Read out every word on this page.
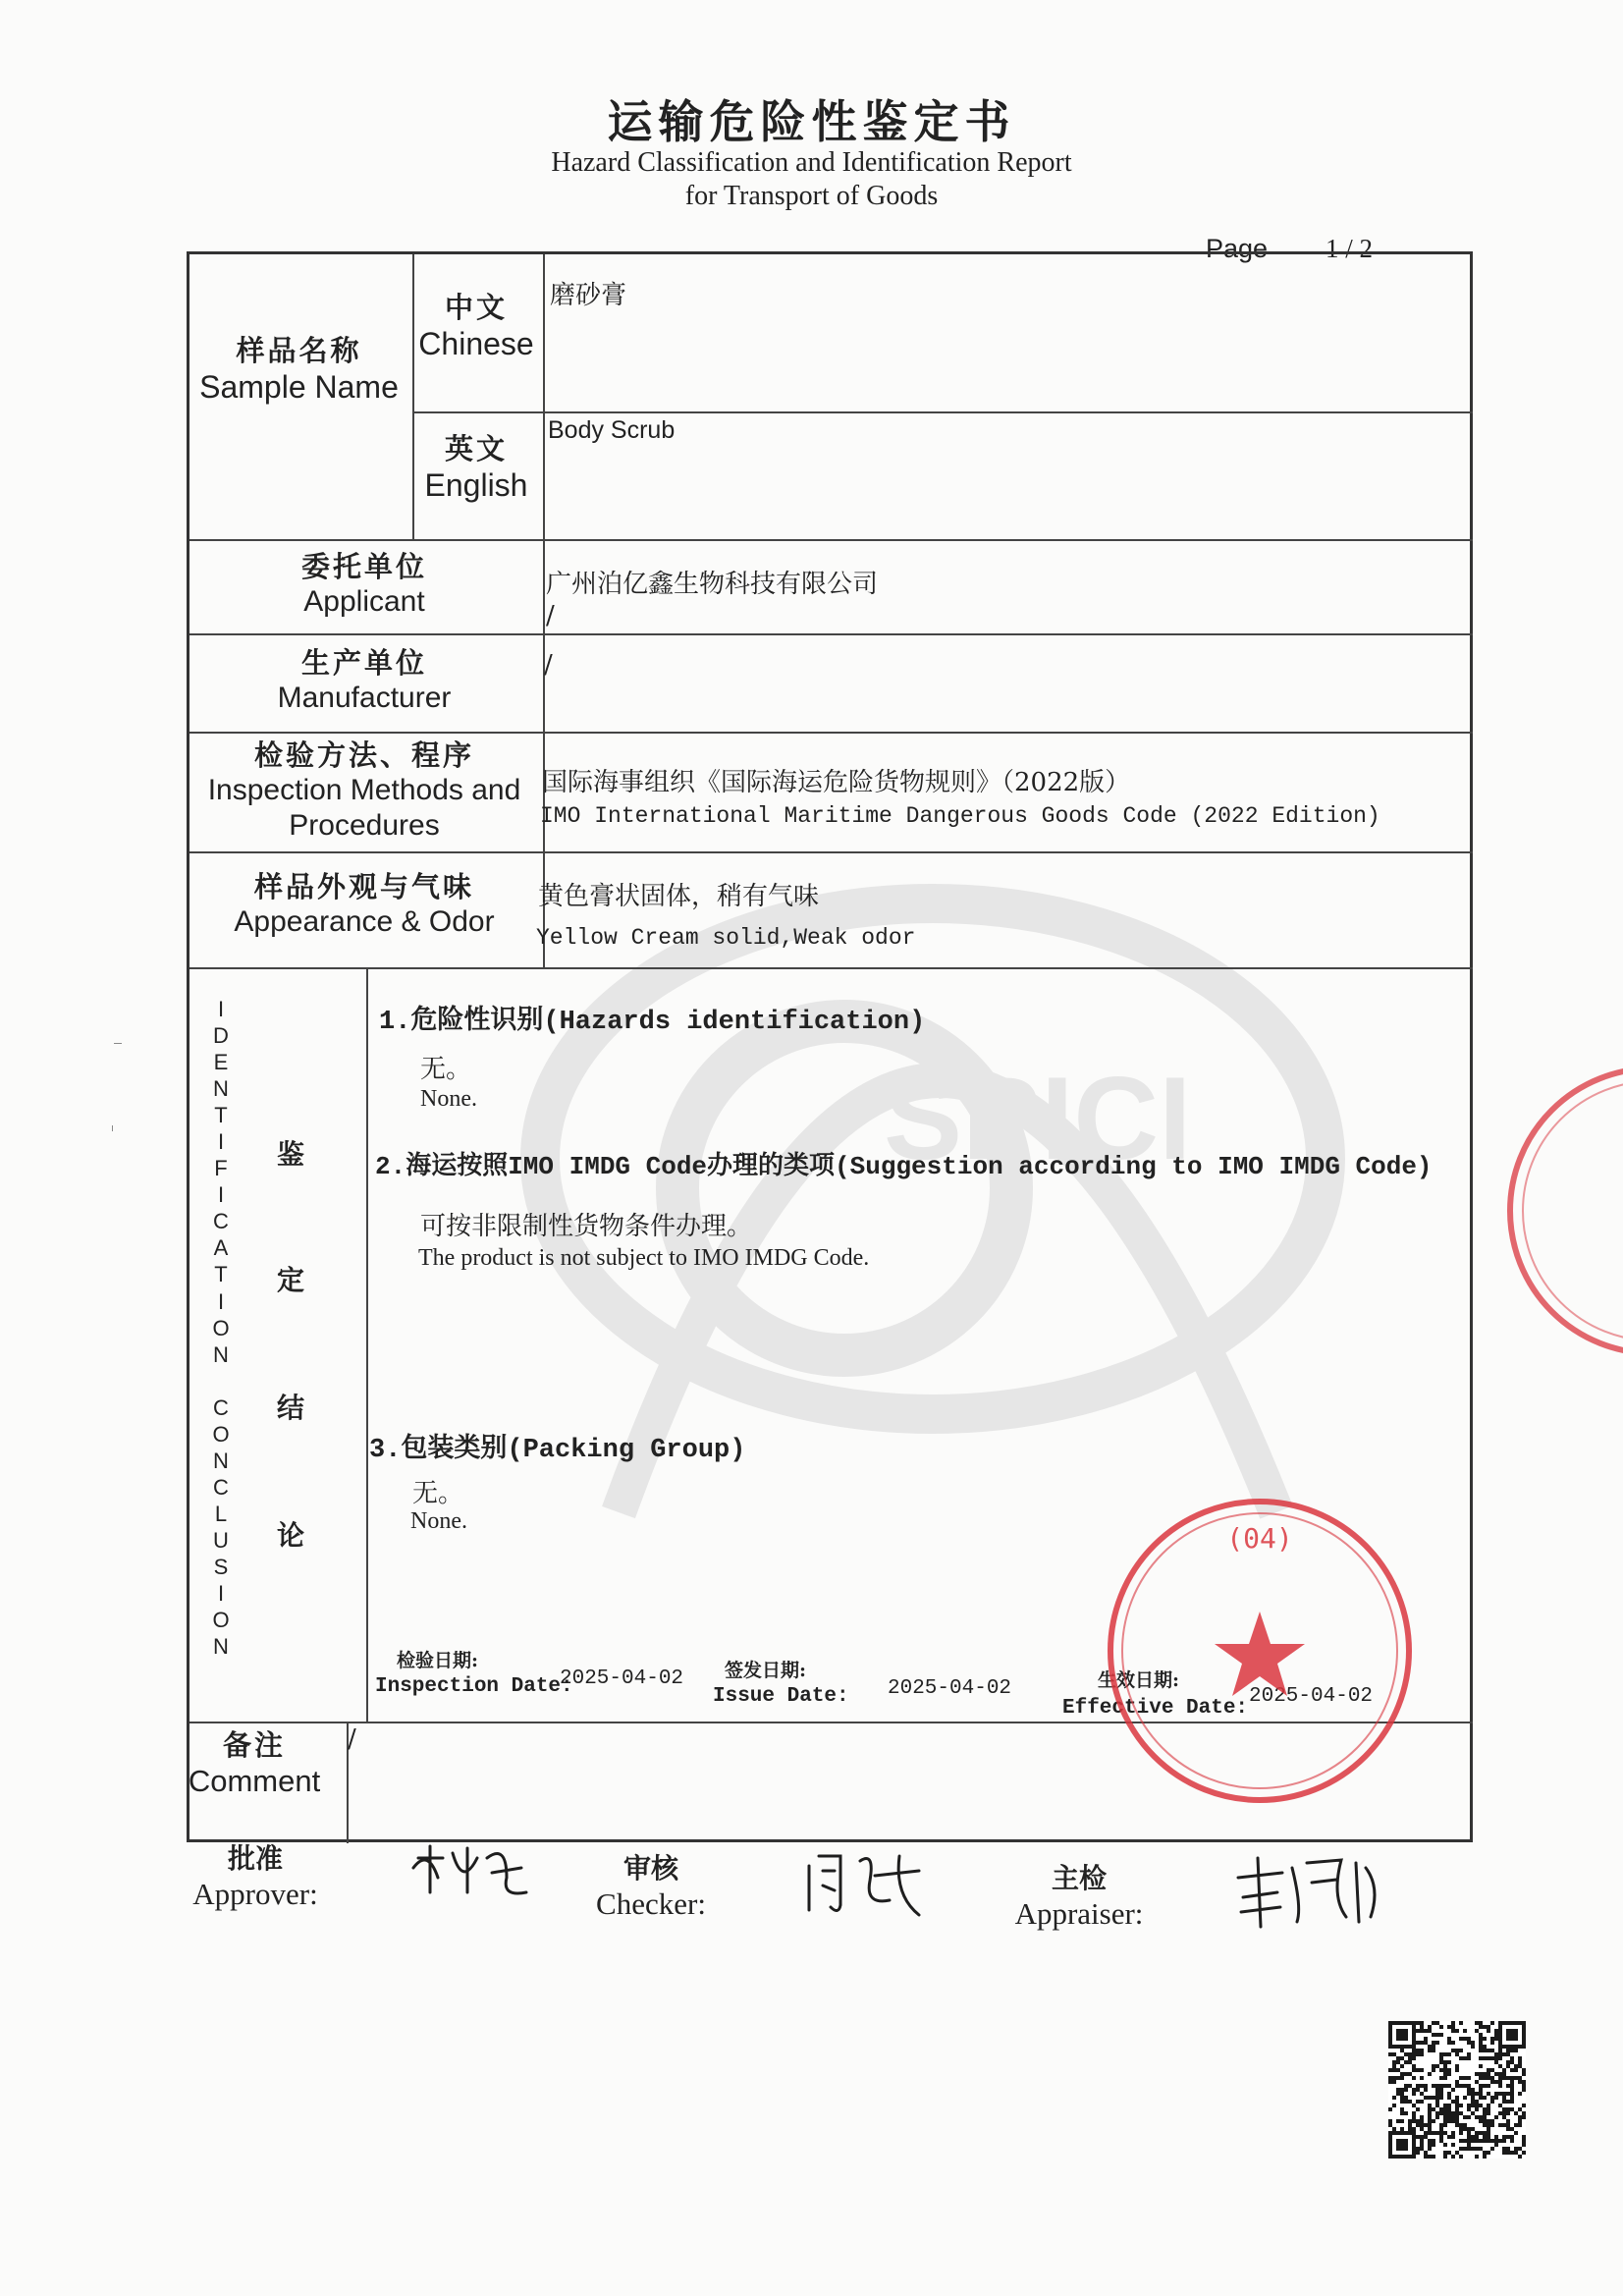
SPICI
运输危险性鉴定书
Hazard Classification and Identification Report
for Transport of Goods
Page 1 / 2
样品名称
Sample Name
中文
Chinese
磨砂膏
英文
English
Body Scrub
委托单位
Applicant
广州泊亿鑫生物科技有限公司
/
生产单位
Manufacturer
/
检验方法、程序
Inspection Methods and
Procedures
国际海事组织《国际海运危险货物规则》（2022版）
IMO International Maritime Dangerous Goods Code (2022 Edition)
样品外观与气味
Appearance & Odor
黄色膏状固体，稍有气味
Yellow Cream solid,Weak odor
I
D
E
N
T
I
F
I
C
A
T
I
O
N

C
O
N
C
L
U
S
I
O
N
鉴
定
结
论
1.危险性识别(Hazards identification)
无。
None.
2.海运按照IMO IMDG Code办理的类项(Suggestion according to IMO IMDG Code)
可按非限制性货物条件办理。
The product is not subject to IMO IMDG Code.
3.包装类别(Packing Group)
无。
None.
检验日期:
Inspection Date:
2025-04-02 签发日期:
Issue Date: 2025-04-02	生效日期:
Effective Date:
2025-04-02
备注
Comment
/
(04)
批准
Approver:
审核
Checker:
主检
Appraiser:
